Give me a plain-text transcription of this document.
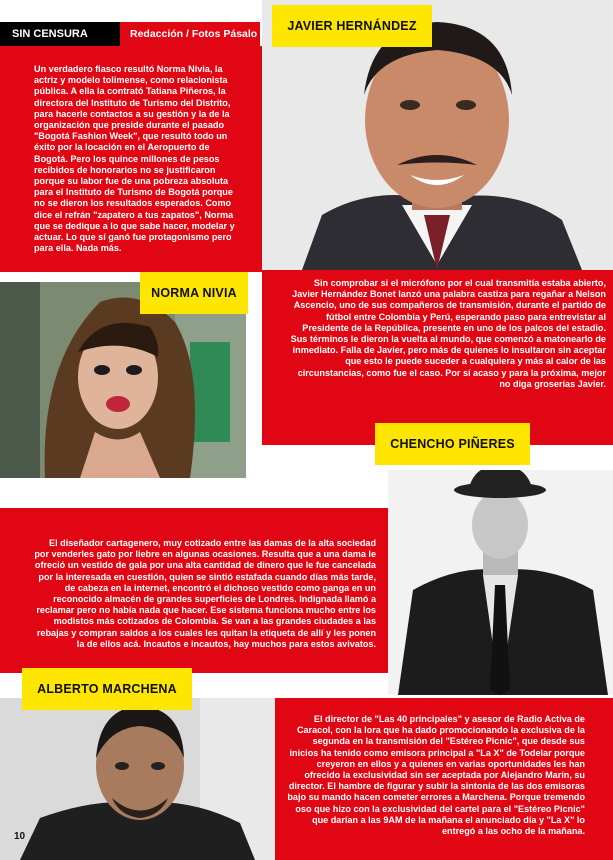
SIN CENSURA	Redacción / Fotos Pásalo
Un verdadero fiasco resultó Norma Nivia, la actriz y modelo tolimense, como relacionista pública. A ella la contrató Tatiana Piñeros, la directora del Instituto de Turismo del Distrito, para hacerle contactos a su gestión y la de la organización que preside durante el pasado "Bogotá Fashion Week", que resultó todo un éxito por la locación en el Aeropuerto de Bogotá. Pero los quince millones de pesos recibidos de honorarios no se justificaron porque su labor fue de una pobreza absoluta para el Instituto de Turismo de Bogotá porque no se dieron los resultados esperados. Como dice el refrán "zapatero a tus zapatos", Norma que se dedique a lo que sabe hacer, modelar y actuar. Lo que sí ganó fue protagonismo pero para ella. Nada más.
JAVIER HERNÁNDEZ
NORMA NIVIA
Sin comprobar si el micrófono por el cual transmitía estaba abierto, Javier Hernández Bonet lanzó una palabra castiza para regañar a Nelson Ascencio, uno de sus compañeros de transmisión, durante el partido de fútbol entre Colombia y Perú, esperando paso para entrevistar al Presidente de la República, presente en uno de los palcos del estadio. Sus términos le dieron la vuelta al mundo, que comenzó a matonearlo de inmediato. Falla de Javier, pero más de quienes lo insultaron sin aceptar que esto le puede suceder a cualquiera y más al calor de las circunstancias, como fue el caso. Por sí acaso y para la próxima, mejor no diga groserías Javier.
CHENCHO PIÑERES
El diseñador cartagenero, muy cotizado entre las damas de la alta sociedad por venderles gato por liebre en algunas ocasiones. Resulta que a una dama le ofreció un vestido de gala por una alta cantidad de dinero que le fue cancelada por la interesada en cuestión, quien se sintió estafada cuando días más tarde, de cabeza en la internet, encontró el dichoso vestido como ganga en un reconocido almacén de grandes superficies de Londres. Indignada llamó a reclamar pero no había nada que hacer. Ese sistema funciona mucho entre los modistos más cotizados de Colombia. Se van a las grandes ciudades a las rebajas y compran saldos a los cuales les quitan la etiqueta de allí y les ponen la de ellos acá. Incautos e incautos, hay muchos para estos avivatos.
ALBERTO MARCHENA
El director de "Las 40 principales" y asesor de Radio Activa de Caracol, con la lora que ha dado promocionando la exclusiva de la segunda en la transmisión del "Estéreo Picnic", que desde sus inicios ha tenido como emisora principal a "La X" de Todelar porque creyeron en ellos y a quienes en varias oportunidades les han ofrecido la exclusividad sin ser aceptada por Alejandro Marín, su director. El hambre de figurar y subir la sintonía de las dos emisoras bajo su mando hacen cometer errores a Marchena. Porque tremendo oso que hizo con la exclusividad del cartel para el "Estéreo Picnic" que darían a las 9AM de la mañana el anunciado día y "La X" lo entregó a las ocho de la mañana.
10
